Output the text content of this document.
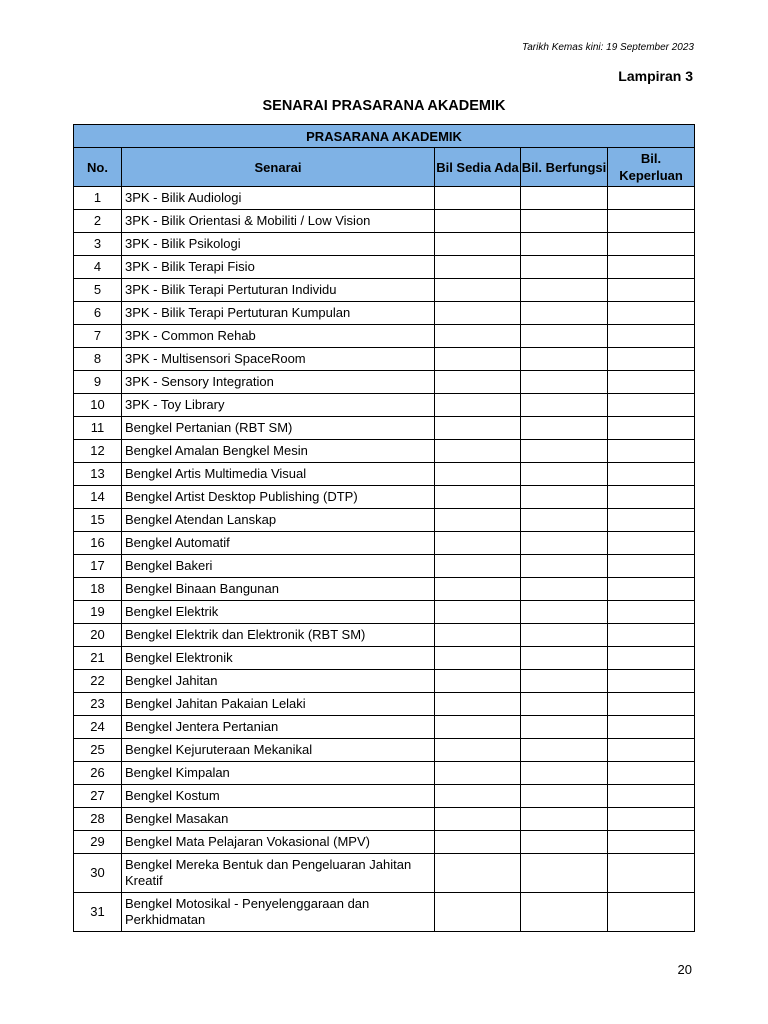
Tarikh Kemas kini: 19 September 2023
Lampiran 3
SENARAI PRASARANA AKADEMIK
PRASARANA AKADEMIK				
No.	Senarai	Bil Sedia Ada	Bil. Berfungsi	Bil. Keperluan
1	3PK - Bilik Audiologi			
2	3PK - Bilik Orientasi & Mobiliti / Low Vision			
3	3PK - Bilik Psikologi			
4	3PK - Bilik Terapi Fisio			
5	3PK - Bilik Terapi Pertuturan Individu			
6	3PK - Bilik Terapi Pertuturan Kumpulan			
7	3PK - Common Rehab			
8	3PK - Multisensori SpaceRoom			
9	3PK - Sensory Integration			
10	3PK - Toy Library			
11	Bengkel Pertanian (RBT SM)			
12	Bengkel Amalan Bengkel Mesin			
13	Bengkel Artis Multimedia Visual			
14	Bengkel Artist Desktop Publishing (DTP)			
15	Bengkel Atendan Lanskap			
16	Bengkel Automatif			
17	Bengkel Bakeri			
18	Bengkel Binaan Bangunan			
19	Bengkel Elektrik			
20	Bengkel Elektrik dan Elektronik (RBT SM)			
21	Bengkel Elektronik			
22	Bengkel Jahitan			
23	Bengkel Jahitan Pakaian Lelaki			
24	Bengkel Jentera Pertanian			
25	Bengkel Kejuruteraan Mekanikal			
26	Bengkel Kimpalan			
27	Bengkel Kostum			
28	Bengkel Masakan			
29	Bengkel Mata Pelajaran Vokasional (MPV)			
30	Bengkel Mereka Bentuk dan Pengeluaran Jahitan Kreatif			
31	Bengkel Motosikal - Penyelenggaraan dan Perkhidmatan			
20
